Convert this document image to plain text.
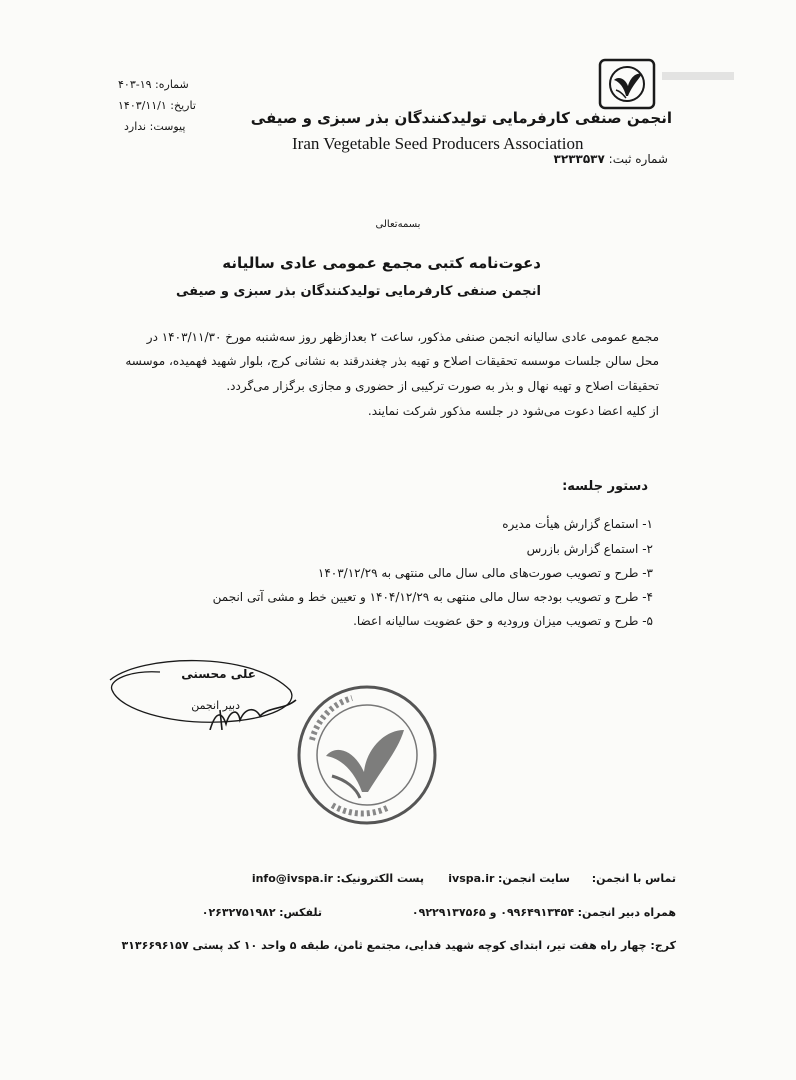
شماره: ۱۹-۴۰۳
تاریخ: ۱۴۰۳/۱۱/۱
پیوست: ندارد	انجمن صنفی کارفرمایی تولیدکنندگان بذر سبزی و صیفی
Iran Vegetable Seed Producers Association
شماره ثبت: ۳۲۳۳۵۳۷
بسمه‌تعالی
دعوت‌نامه کتبی مجمع عمومی عادی سالیانه
انجمن صنفی کارفرمایی تولیدکنندگان بذر سبزی و صیفی
مجمع عمومی عادی سالیانه انجمن صنفی مذکور، ساعت ۲ بعدازظهر روز سه‌شنبه مورخ ۱۴۰۳/۱۱/۳۰ در
محل سالن جلسات موسسه تحقیقات اصلاح و تهیه بذر چغندرقند به نشانی کرج، بلوار شهید فهمیده، موسسه
تحقیقات اصلاح و تهیه نهال و بذر به صورت ترکیبی از حضوری و مجازی برگزار می‌گردد.
از کلیه اعضا دعوت می‌شود در جلسه مذکور شرکت نمایند.
دستور جلسه:
۱- استماع گزارش هیأت مدیره
۲- استماع گزارش بازرس
۳- طرح و تصویب صورت‌های مالی سال مالی منتهی به ۱۴۰۳/۱۲/۲۹
۴- طرح و تصویب بودجه سال مالی منتهی به ۱۴۰۴/۱۲/۲۹ و تعیین خط و مشی آتی انجمن
۵- طرح و تصویب میزان ورودیه و حق عضویت سالیانه اعضا.
علی محسنی
دبیر انجمن
تماس با انجمن:
سایت انجمن: ivspa.ir
پست الکترونیک: info@ivspa.ir
همراه دبیر انجمن: ۰۹۹۶۴۹۱۳۴۵۴ و ۰۹۲۲۹۱۳۷۵۶۵
تلفکس: ۰۲۶۳۲۷۵۱۹۸۲
کرج: چهار راه هفت تیر، ابتدای کوچه شهید فدایی، مجتمع ثامن، طبقه ۵ واحد ۱۰ کد پستی ۳۱۳۶۶۹۶۱۵۷
